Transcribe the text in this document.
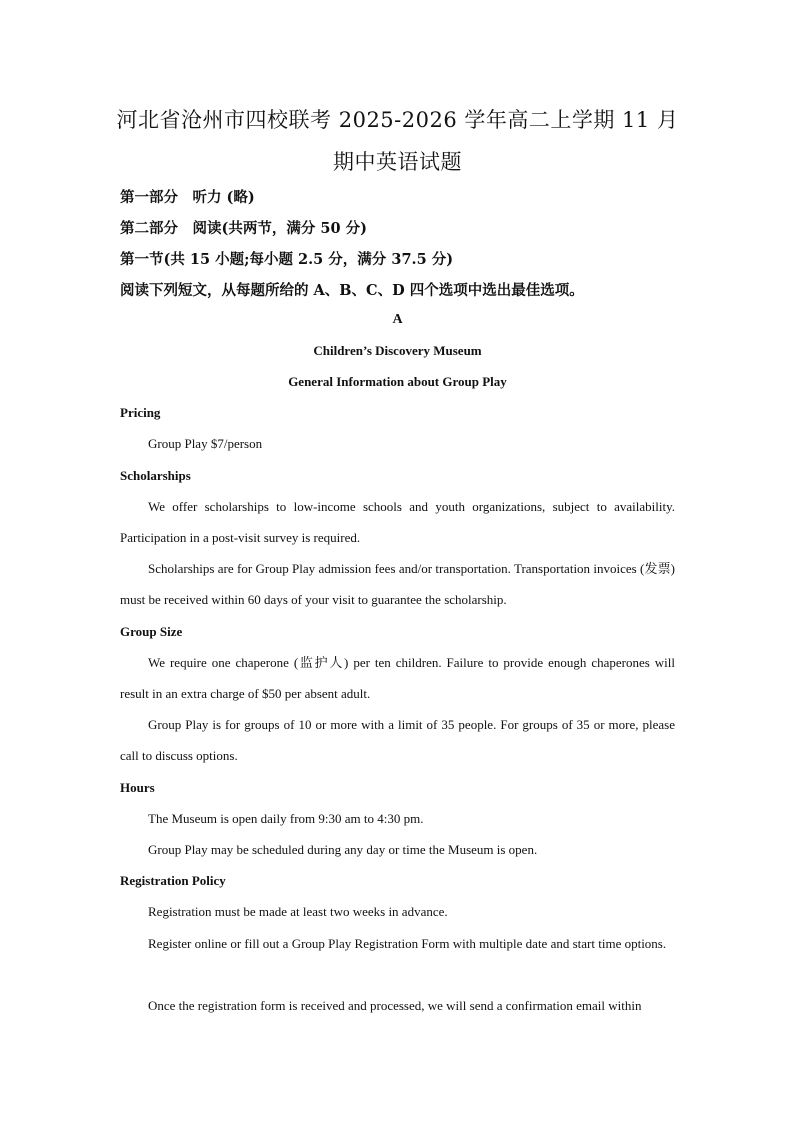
河北省沧州市四校联考 2025-2026 学年高二上学期 11 月

期中英语试题

第一部分　听力 (略)
第二部分　阅读(共两节，满分 50 分)
第一节(共 15 小题;每小题 2.5 分，满分 37.5 分)
阅读下列短文，从每题所给的 A、B、C、D 四个选项中选出最佳选项。
A
Children’s Discovery Museum
General Information about Group Play
Pricing

Group Play $7/person

Scholarships

We offer scholarships to low-income schools and youth organizations, subject to availability. Participation in a post-visit survey is required.

Scholarships are for Group Play admission fees and/or transportation. Transportation invoices (发票) must be received within 60 days of your visit to guarantee the scholarship.

Group Size

We require one chaperone (监护人) per ten children. Failure to provide enough chaperones will result in an extra charge of $50 per absent adult.

Group Play is for groups of 10 or more with a limit of 35 people. For groups of 35 or more, please call to discuss options.

Hours

The Museum is open daily from 9:30 am to 4:30 pm.

Group Play may be scheduled during any day or time the Museum is open.

Registration Policy

Registration must be made at least two weeks in advance.

Register online or fill out a Group Play Registration Form with multiple date and start time options.

Once the registration form is received and processed, we will send a confirmation email within
